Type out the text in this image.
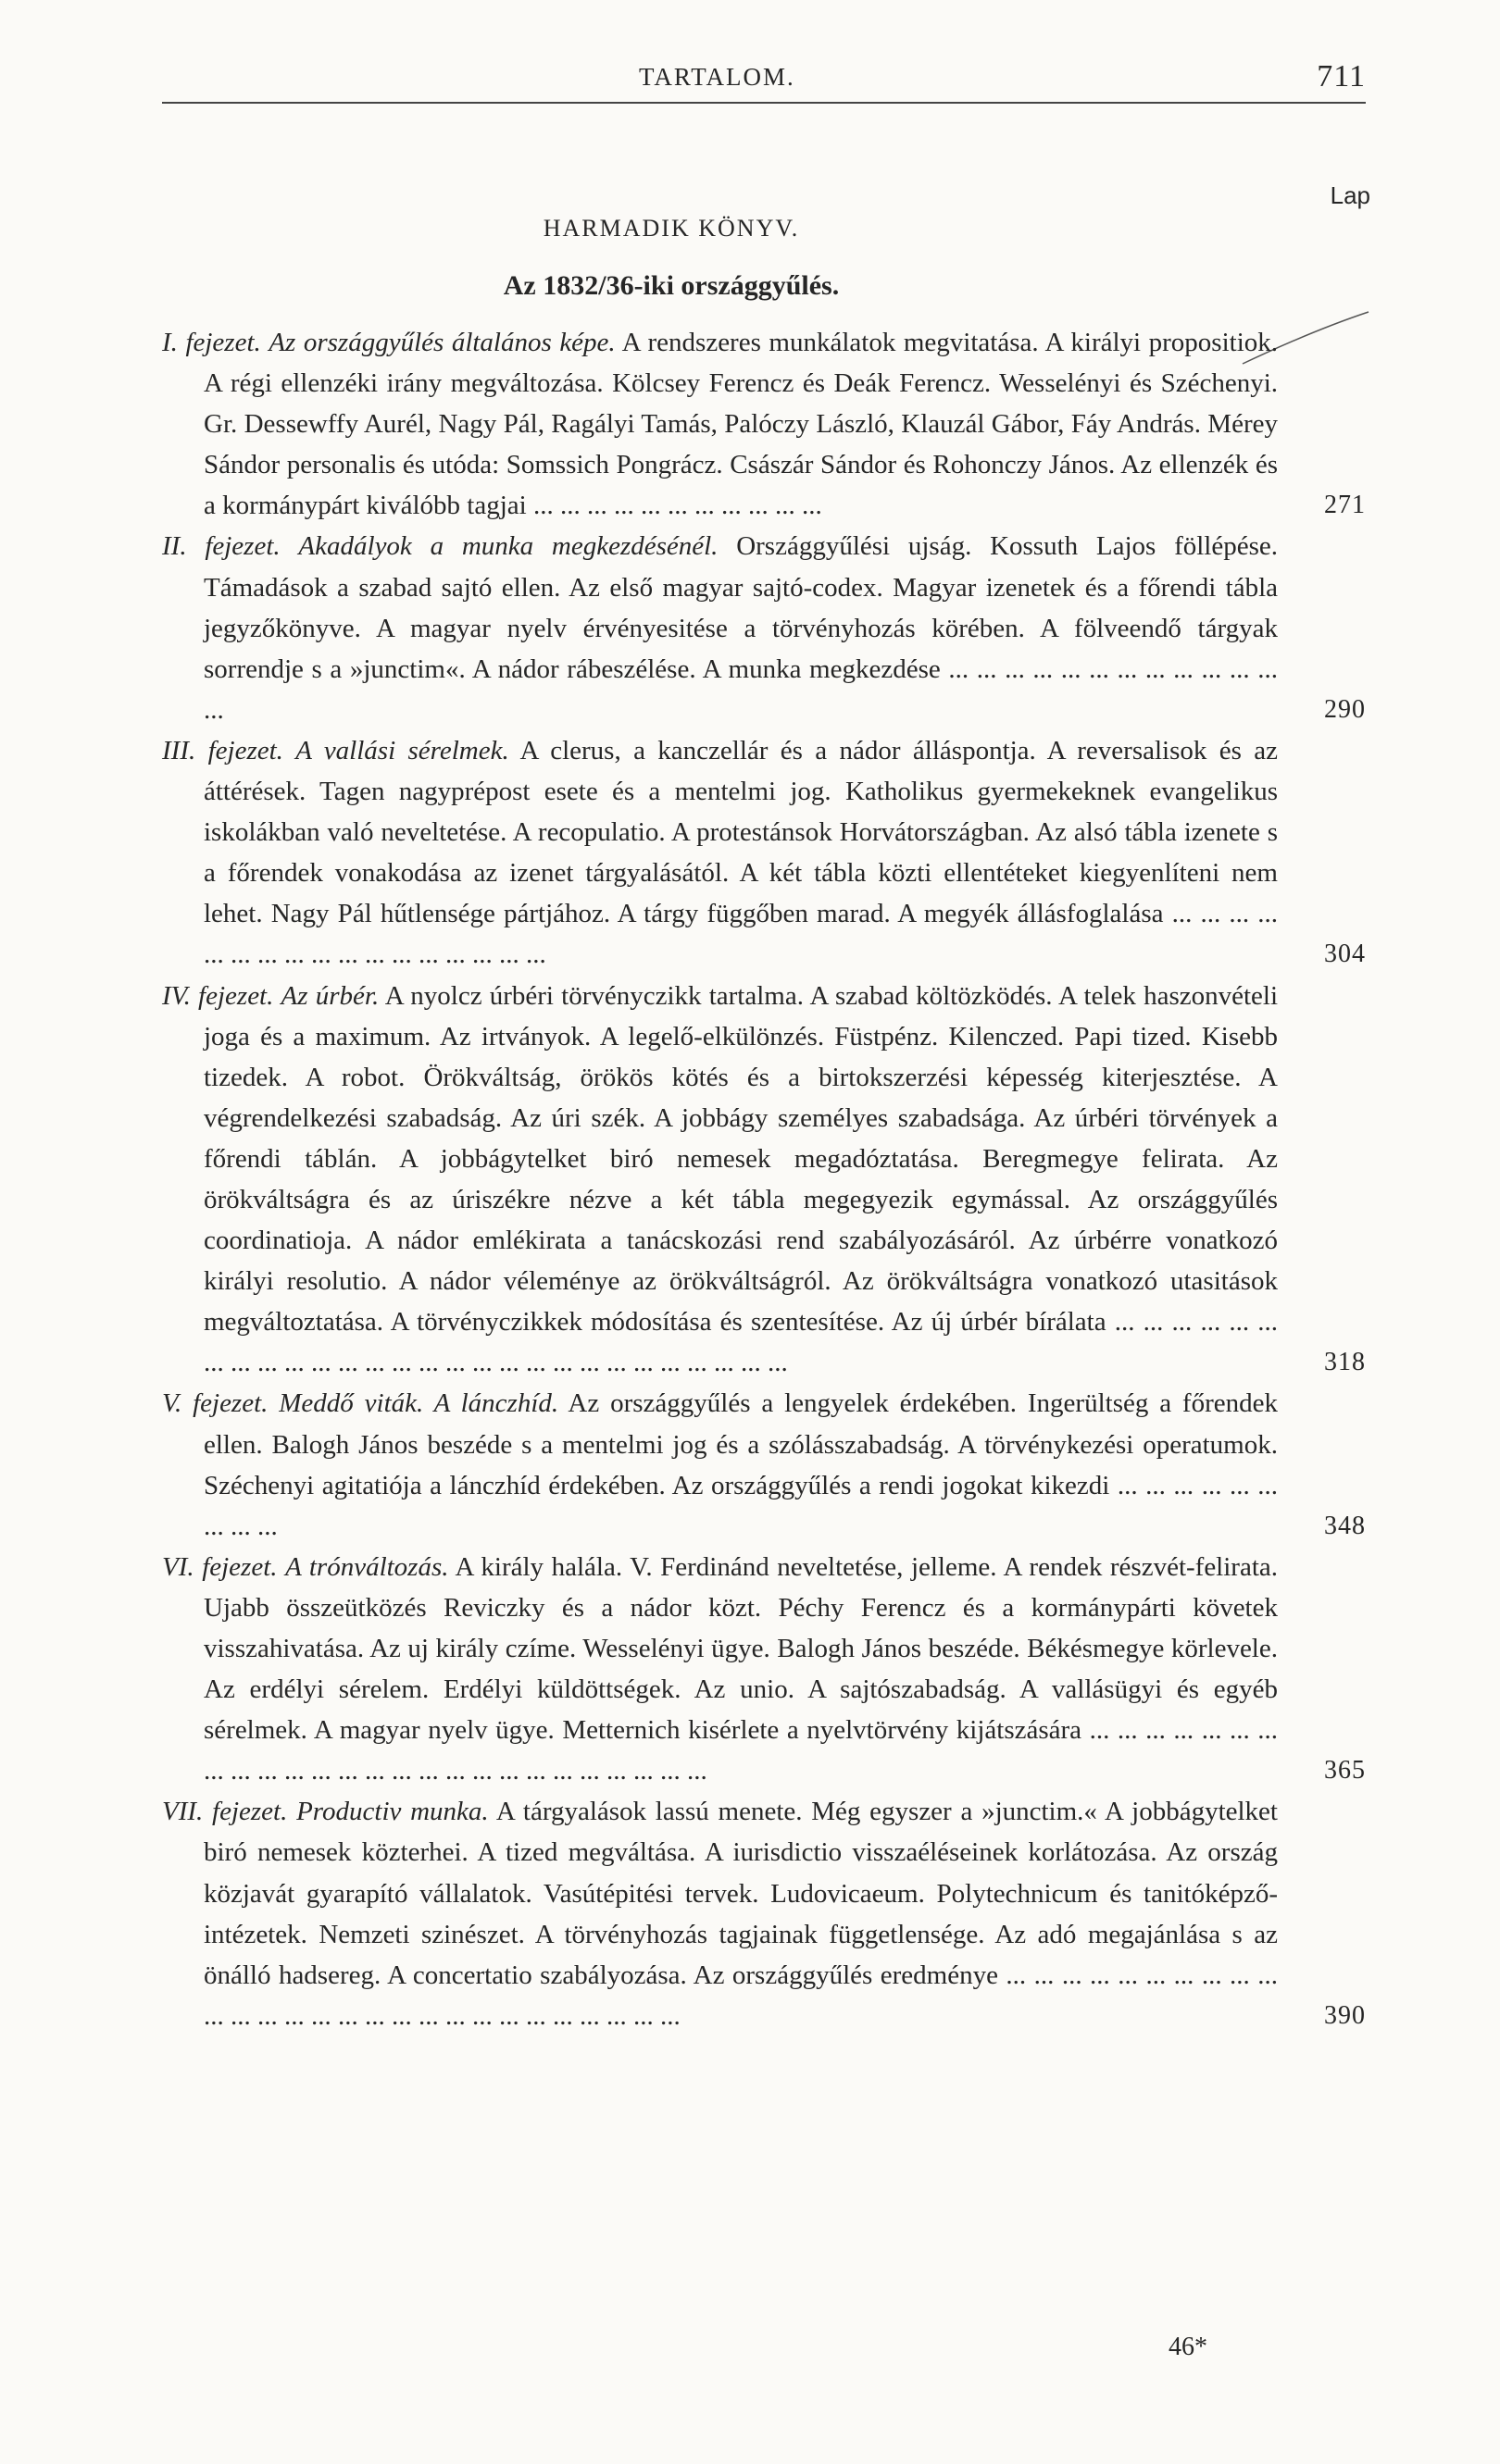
TARTALOM.	711
Lap
HARMADIK KÖNYV.
Az 1832/36-iki országgyűlés.
I. fejezet. Az országgyűlés általános képe. A rendszeres munkálatok megvitatása. A királyi propositiok. A régi ellenzéki irány megváltozása. Kölcsey Ferencz és Deák Ferencz. Wesselényi és Széchenyi. Gr. Dessewffy Aurél, Nagy Pál, Ragályi Tamás, Palóczy László, Klauzál Gábor, Fáy András. Mérey Sándor personalis és utóda: Somssich Pongrácz. Császár Sándor és Rohonczy János. Az ellenzék és a kormánypárt kiválóbb tagjai ... ... ... ... ... ... ... ... ... ... ...	271
II. fejezet. Akadályok a munka megkezdésénél. Országgyűlési ujság. Kossuth Lajos föllépése. Támadások a szabad sajtó ellen. Az első magyar sajtó-codex. Magyar izenetek és a főrendi tábla jegyzőkönyve. A magyar nyelv érvényesitése a törvényhozás körében. A fölveendő tárgyak sorrendje s a »junctim«. A nádor rábeszélése. A munka megkezdése ... ... ... ... ... ... ... ... ... ... ... ... ...	290
III. fejezet. A vallási sérelmek. A clerus, a kanczellár és a nádor álláspontja. A reversalisok és az áttérések. Tagen nagyprépost esete és a mentelmi jog. Katholikus gyermekeknek evangelikus iskolákban való neveltetése. A recopulatio. A protestánsok Horvátországban. Az alsó tábla izenete s a főrendek vonakodása az izenet tárgyalásától. A két tábla közti ellentéteket kiegyenlíteni nem lehet. Nagy Pál hűtlensége pártjához. A tárgy függőben marad. A megyék állásfoglalása ... ... ... ... ... ... ... ... ... ... ... ... ... ... ... ... ...	304
IV. fejezet. Az úrbér. A nyolcz úrbéri törvényczikk tartalma. A szabad költözködés. A telek haszonvételi joga és a maximum. Az irtványok. A legelő-elkülönzés. Füstpénz. Kilenczed. Papi tized. Kisebb tizedek. A robot. Örökváltság, örökös kötés és a birtokszerzési képesség kiterjesztése. A végrendelkezési szabadság. Az úri szék. A jobbágy személyes szabadsága. Az úrbéri törvények a főrendi táblán. A jobbágytelket biró nemesek megadóztatása. Beregmegye felirata. Az örökváltságra és az úriszékre nézve a két tábla megegyezik egymással. Az országgyűlés coordinatioja. A nádor emlékirata a tanácskozási rend szabályozásáról. Az úrbérre vonatkozó királyi resolutio. A nádor véleménye az örökváltságról. Az örökváltságra vonatkozó utasitások megváltoztatása. A törvényczikkek módosítása és szentesítése. Az új úrbér bírálata ... ... ... ... ... ... ... ... ... ... ... ... ... ... ... ... ... ... ... ... ... ... ... ... ... ... ... ...	318
V. fejezet. Meddő viták. A lánczhíd. Az országgyűlés a lengyelek érdekében. Ingerültség a főrendek ellen. Balogh János beszéde s a mentelmi jog és a szólásszabadság. A törvénykezési operatumok. Széchenyi agitatiója a lánczhíd érdekében. Az országgyűlés a rendi jogokat kikezdi ... ... ... ... ... ... ... ... ...	348
VI. fejezet. A trónváltozás. A király halála. V. Ferdinánd neveltetése, jelleme. A rendek részvét-felirata. Ujabb összeütközés Reviczky és a nádor közt. Péchy Ferencz és a kormánypárti követek visszahivatása. Az uj király czíme. Wesselényi ügye. Balogh János beszéde. Békésmegye körlevele. Az erdélyi sérelem. Erdélyi küldöttségek. Az unio. A sajtószabadság. A vallásügyi és egyéb sérelmek. A magyar nyelv ügye. Metternich kisérlete a nyelvtörvény kijátszására ... ... ... ... ... ... ... ... ... ... ... ... ... ... ... ... ... ... ... ... ... ... ... ... ... ...	365
VII. fejezet. Productiv munka. A tárgyalások lassú menete. Még egyszer a »junctim.« A jobbágytelket biró nemesek közterhei. A tized megváltása. A iurisdictio visszaéléseinek korlátozása. Az ország közjavát gyarapító vállalatok. Vasútépitési tervek. Ludovicaeum. Polytechnicum és tanitóképző-intézetek. Nemzeti szinészet. A törvényhozás tagjainak függetlensége. Az adó megajánlása s az önálló hadsereg. A concertatio szabályozása. Az országgyűlés eredménye ... ... ... ... ... ... ... ... ... ... ... ... ... ... ... ... ... ... ... ... ... ... ... ... ... ... ... ...	390
46*
